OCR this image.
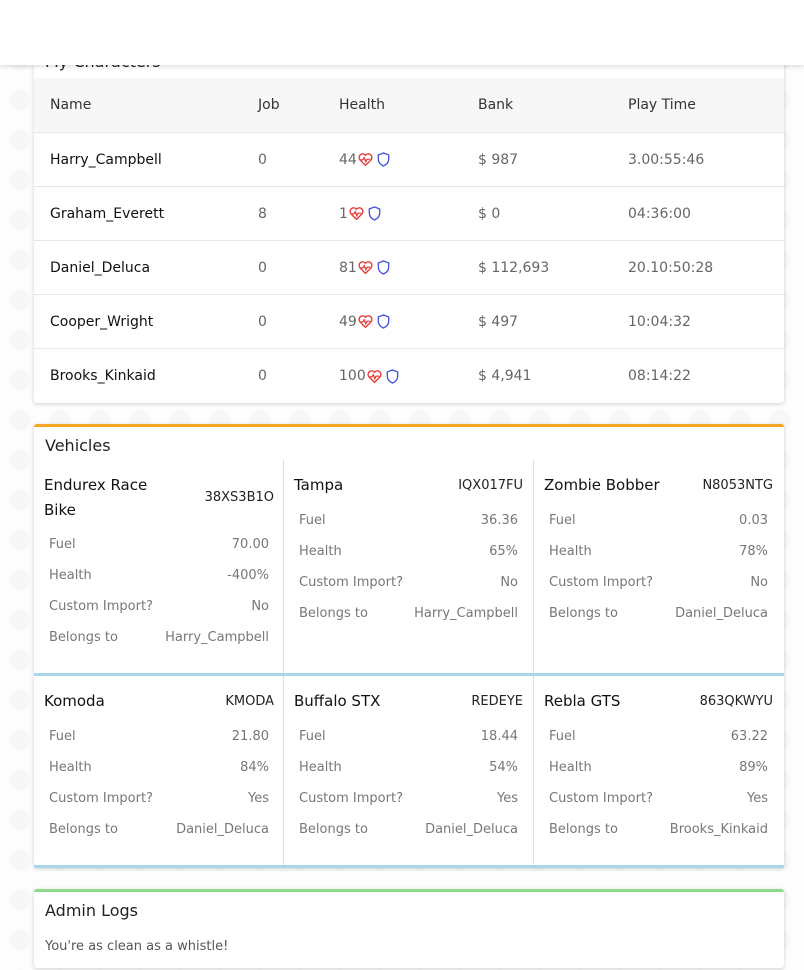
Name	Job	Health	Bank	Play Time
Harry_Campbell	0	44	$ 987	3.00:55:46
Graham_Everett	8	1	$ 0	04:36:00
Daniel_Deluca	0	81	$ 112,693	20.10:50:28
Cooper_Wright	0	49	$ 497	10:04:32
Brooks_Kinkaid	0	100	$ 4,941	08:14:22
Vehicles
Endurex Race Bike
38XS3B1O
Fuel	70.00
Health	-400%
Custom Import?	No
Belongs to	Harry_Campbell
Tampa	IQX017FU
Fuel	36.36
Health	65%
Custom Import?	No
Belongs to	Harry_Campbell
Zombie Bobber	N8053NTG
Fuel	0.03
Health	78%
Custom Import?	No
Belongs to	Daniel_Deluca
Komoda	KMODA
Fuel	21.80
Health	84%
Custom Import?	Yes
Belongs to	Daniel_Deluca
Buffalo STX	REDEYE
Fuel	18.44
Health	54%
Custom Import?	Yes
Belongs to	Daniel_Deluca
Rebla GTS	863QKWYU
Fuel	63.22
Health	89%
Custom Import?	Yes
Belongs to	Brooks_Kinkaid
Admin Logs
You're as clean as a whistle!
